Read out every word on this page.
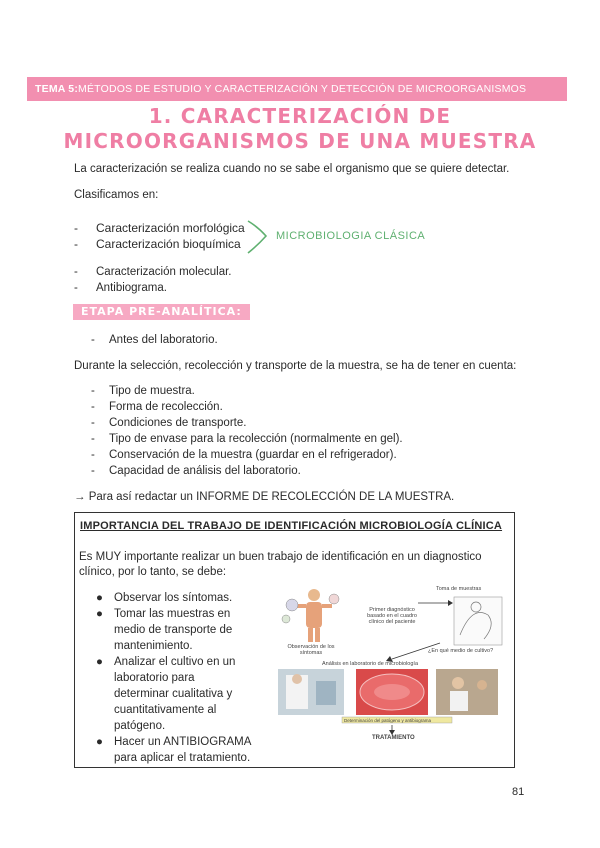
TEMA 5: MÉTODOS DE ESTUDIO Y CARACTERIZACIÓN Y DETECCIÓN DE MICROORGANISMOS
1. CARACTERIZACIÓN DE
MICROORGANISMOS DE UNA MUESTRA
La caracterización se realiza cuando no se sabe el organismo que se quiere detectar.
Clasificamos en:
- Caracterización morfológica
- Caracterización bioquímica
MICROBIOLOGIA CLÁSICA
- Caracterización molecular.
- Antibiograma.
ETAPA PRE-ANALÍTICA:
- Antes del laboratorio.
Durante la selección, recolección y transporte de la muestra, se ha de tener en cuenta:
- Tipo de muestra.
- Forma de recolección.
- Condiciones de transporte.
- Tipo de envase para la recolección (normalmente en gel).
- Conservación de la muestra (guardar en el refrigerador).
- Capacidad de análisis del laboratorio.
→ Para así redactar un INFORME DE RECOLECCIÓN DE LA MUESTRA.
IMPORTANCIA DEL TRABAJO DE IDENTIFICACIÓN MICROBIOLOGÍA CLÍNICA
Es MUY importante realizar un buen trabajo de identificación en un diagnostico
clínico, por lo tanto, se debe:
● Observar los síntomas.
● Tomar las muestras en
medio de transporte de
mantenimiento.
● Analizar el cultivo en un
laboratorio para
determinar cualitativa y
cuantitativamente al
patógeno.
● Hacer un ANTIBIOGRAMA
para aplicar el tratamiento.
Toma de muestras
Observación de los síntomas
Primer diagnóstico basado en el cuadro clínico del paciente
¿En qué medio de cultivo?
Análisis en laboratorio de microbiología
Determinación del patógeno y antibiograma
TRATAMIENTO
81
